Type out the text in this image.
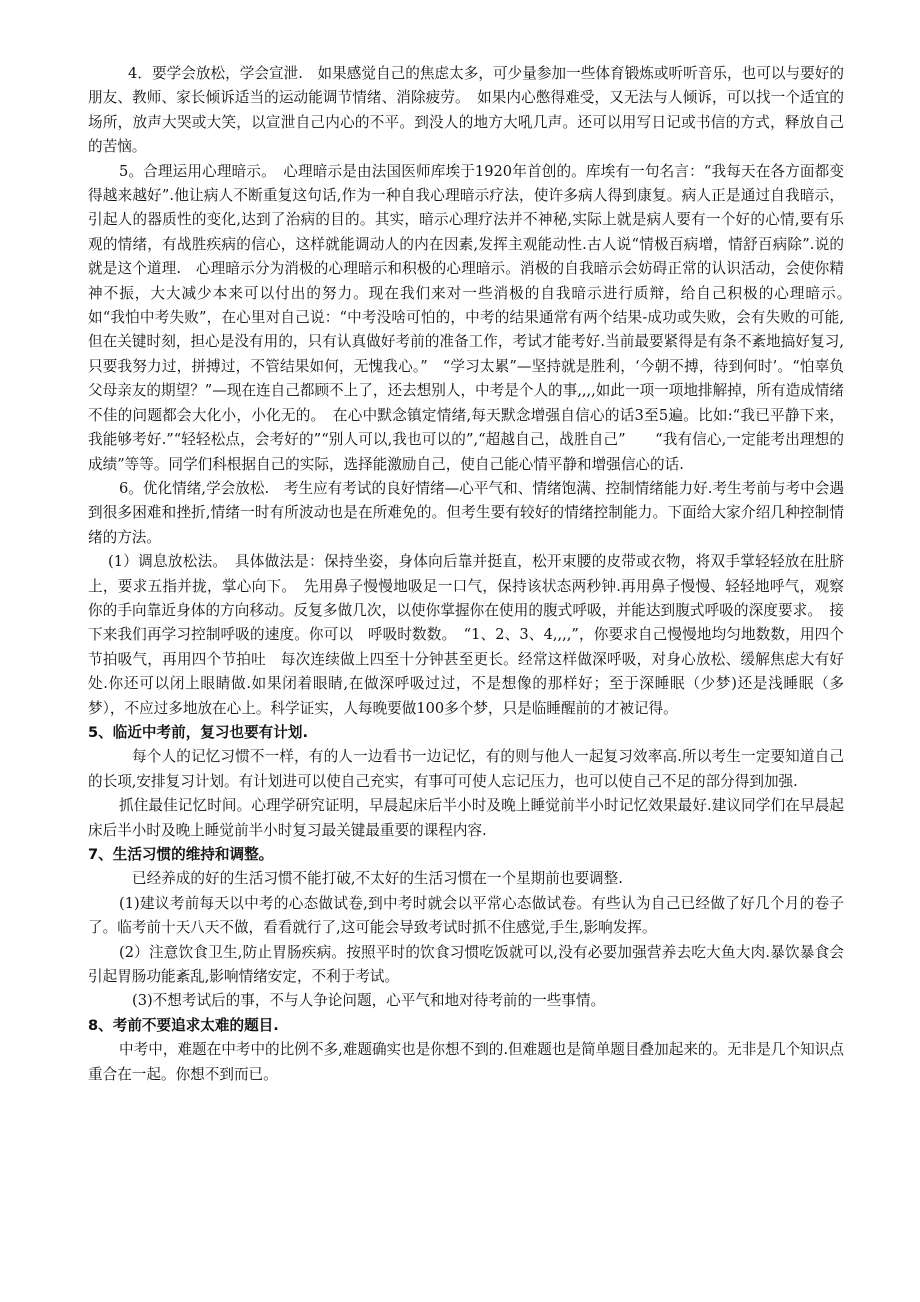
4．要学会放松，学会宣泄.　如果感觉自己的焦虑太多，可少量参加一些体育锻炼或听听音乐，也可以与要好的朋友、教师、家长倾诉适当的运动能调节情绪、消除疲劳。　如果内心憋得难受，又无法与人倾诉，可以找一个适宜的场所，放声大哭或大笑，以宣泄自己内心的不平。到没人的地方大吼几声。还可以用写日记或书信的方式，释放自己的苦恼。

5。合理运用心理暗示。　心理暗示是由法国医师库埃于1920年首创的。库埃有一句名言：“我每天在各方面都变得越来越好”.他让病人不断重复这句话,作为一种自我心理暗示疗法，使许多病人得到康复。病人正是通过自我暗示，引起人的器质性的变化,达到了治病的目的。其实，暗示心理疗法并不神秘,实际上就是病人要有一个好的心情,要有乐观的情绪，有战胜疾病的信心，这样就能调动人的内在因素,发挥主观能动性.古人说“情极百病增，情舒百病除”.说的就是这个道理.　心理暗示分为消极的心理暗示和积极的心理暗示。消极的自我暗示会妨碍正常的认识活动，会使你精神不振，大大减少本来可以付出的努力。现在我们来对一些消极的自我暗示进行质辩，给自己积极的心理暗示。　如“我怕中考失败”，在心里对自己说：“中考没啥可怕的，中考的结果通常有两个结果-成功或失败，会有失败的可能,但在关键时刻，担心是没有用的，只有认真做好考前的准备工作，考试才能考好.当前最要紧得是有条不紊地搞好复习,只要我努力过，拼搏过，不管结果如何，无愧我心。”　“学习太累”—坚持就是胜利，‘今朝不搏，待到何时’。“怕辜负父母亲友的期望？”—现在连自己都顾不上了，还去想别人，中考是个人的事,,,,如此一项一项地排解掉，所有造成情绪不佳的问题都会大化小，小化无的。　在心中默念镇定情绪,每天默念增强自信心的话3至5遍。比如:“我已平静下来，我能够考好.”“轻轻松点，会考好的”“别人可以,我也可以的”,“超越自己，战胜自己”　　“我有信心,一定能考出理想的成绩”等等。同学们科根据自己的实际，选择能激励自己，使自己能心情平静和增强信心的话.

6。优化情绪,学会放松.　考生应有考试的良好情绪—心平气和、情绪饱满、控制情绪能力好.考生考前与考中会遇到很多困难和挫折,情绪一时有所波动也是在所难免的。但考生要有较好的情绪控制能力。下面给大家介绍几种控制情绪的方法。

(1）调息放松法。　具体做法是：保持坐姿，身体向后靠并挺直，松开束腰的皮带或衣物，将双手掌轻轻放在肚脐上，要求五指并拢，掌心向下。　先用鼻子慢慢地吸足一口气，保持该状态两秒钟.再用鼻子慢慢、轻轻地呼气，观察你的手向靠近身体的方向移动。反复多做几次，以使你掌握你在使用的腹式呼吸，并能达到腹式呼吸的深度要求。　接下来我们再学习控制呼吸的速度。你可以　呼吸时数数。　“1、2、3、4,,,,”，你要求自己慢慢地均匀地数数，用四个节拍吸气，再用四个节拍吐　每次连续做上四至十分钟甚至更长。经常这样做深呼吸，对身心放松、缓解焦虑大有好处.你还可以闭上眼睛做.如果闭着眼睛,在做深呼吸过过，不是想像的那样好；至于深睡眠（少梦)还是浅睡眠（多梦），不应过多地放在心上。科学证实，人每晚要做100多个梦，只是临睡醒前的才被记得。

5、临近中考前，复习也要有计划.

每个人的记忆习惯不一样，有的人一边看书一边记忆，有的则与他人一起复习效率高.所以考生一定要知道自己的长项,安排复习计划。有计划进可以使自己充实，有事可可使人忘记压力，也可以使自己不足的部分得到加强.

抓住最佳记忆时间。心理学研究证明，早晨起床后半小时及晚上睡觉前半小时记忆效果最好.建议同学们在早晨起床后半小时及晚上睡觉前半小时复习最关键最重要的课程内容.

7、生活习惯的维持和调整。

已经养成的好的生活习惯不能打破,不太好的生活习惯在一个星期前也要调整.

(1)建议考前每天以中考的心态做试卷,到中考时就会以平常心态做试卷。有些认为自己已经做了好几个月的卷子了。临考前十天八天不做，看看就行了,这可能会导致考试时抓不住感觉,手生,影响发挥。

(2）注意饮食卫生,防止胃肠疾病。按照平时的饮食习惯吃饭就可以,没有必要加强营养去吃大鱼大肉.暴饮暴食会引起胃肠功能紊乱,影响情绪安定，不利于考试。

(3)不想考试后的事，不与人争论问题，心平气和地对待考前的一些事情。

8、考前不要追求太难的题目.

中考中，难题在中考中的比例不多,难题确实也是你想不到的.但难题也是简单题目叠加起来的。无非是几个知识点重合在一起。你想不到而已。
